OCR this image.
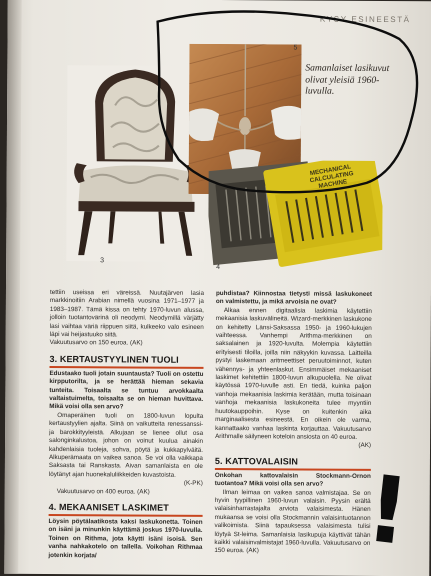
KYSY ESINEESTÄ
3
5
Samanlaiset lasikuvut olivat yleisiä 1960-luvulla.
MECHANICAL CALCULATING MACHINE
4
!

tettiin useissa eri väreissä. Nuutajärven lasia markkinoitiin Arabian nimellä vuosina 1971–1977 ja 1983–1987. Tämä kissa on tehty 1970-luvun alussa, jolloin tuotantovärinä oli neodymi. Neodymillä värjätty lasi vaihtaa väriä riippuen siitä, kulkeeko valo esineen läpi vai heijastuuko siitä.

Vakuutusarvo on 150 euroa. (AK)

3. KERTAUSTYYLINEN TUOLI

Edustaako tuoli jotain suuntausta? Tuoli on ostettu kirpputorilta, ja se herättää hieman sekavia tunteita. Toisaalta se tuntuu arvokkaalta valtaistuimelta, toisaalta se on hieman huvittava. Mikä voisi olla sen arvo?

Omaperäinen tuoli on 1800-luvun lopulta kertaustyylien ajalta. Siinä on vaikutteita renessanssi- ja barokkityyleistä. Alkujaan se lienee ollut osa salonginkalustoa, johon on voinut kuulua ainakin kahdenlaisia tuoleja, sohva, pöytä ja kukkapylväitä. Alkuperämaata on vaikea sanoa. Se voi olla vaikkapa Saksasta tai Ranskasta. Aivan samanlaista en ole löytänyt ajan huonekaluliikkeiden kuvastoista.

(K-PK)

Vakuutusarvo on 400 euroa. (AK)

4. MEKAANISET LASKIMET

Löysin pöytälaatikosta kaksi laskukonetta. Toinen on isäni ja minunkin käyttämä joskus 1970-luvulla. Toinen on Rithma, jota käytti isäni isoisä. Sen vanha nahkakotelo on tallella. Voikohan Rithmaa jotenkin korjata/

puhdistaa? Kiinnostaa tietysti missä laskukoneet on valmistettu, ja mikä arvoisia ne ovat?

Alkaa ennen digitaalisia laskimia käytettiin mekaanisia laskuvälineitä. Wizard-merkkinen laskukone on kehitetty Länsi-Saksassa 1950- ja 1960-lukujen vaihteessa. Vanhempi Arithma-merkkinen on saksalainen ja 1920-luvulta. Molempia käytettiin erityisesti tiloilla, joilla niin näkyykin kuvassa. Laitteilla pystyi laskemaan aritmeettiset peruutoiminnot, kuten vähennys- ja yhteenlaskut. Ensimmäiset mekaaniset laskimet kehitettiin 1800-luvun alkupuolella. Ne olivat käytössä 1970-luvulle asti. En tiedä, kuinka paljon vanhoja mekaanisia laskimia kerätään, mutta toisinaan vanhoja mekaanisia laskukoneita tulee myyntiin huutokauppoihin. Kyse on kuitenkin aika marginaalisesta esineestä. En oikein ole varma, kannattaako vanhaa laskinta korjauttaa. Vakuutusarvo Arithmalle säilyneen koteloin ansiosta on 40 euroa.

(AK)

5. KATTOVALAISIN

Onkohan kattovalaisin Stockmann-Ornon tuotantoa? Mikä voisi olla sen arvo?

Ilman leimaa on vaikea sanoa valmistajaa. Se on hyvin tyypillinen 1960-luvun valaisin. Pyysin erältä valaisinharrastajalta arviota valaisimesta. Hänen mukaansa se voisi olla Stockmannin valaisintuotannon valikoimista. Siinä tapauksessa valaisimesta tulisi löytyä St-leima. Samanlaisia lasikupuja käyttivät tähän kaikki valaisinvalmistajat 1960-luvulla. Vakuutusarvo on 150 euroa. (AK)
